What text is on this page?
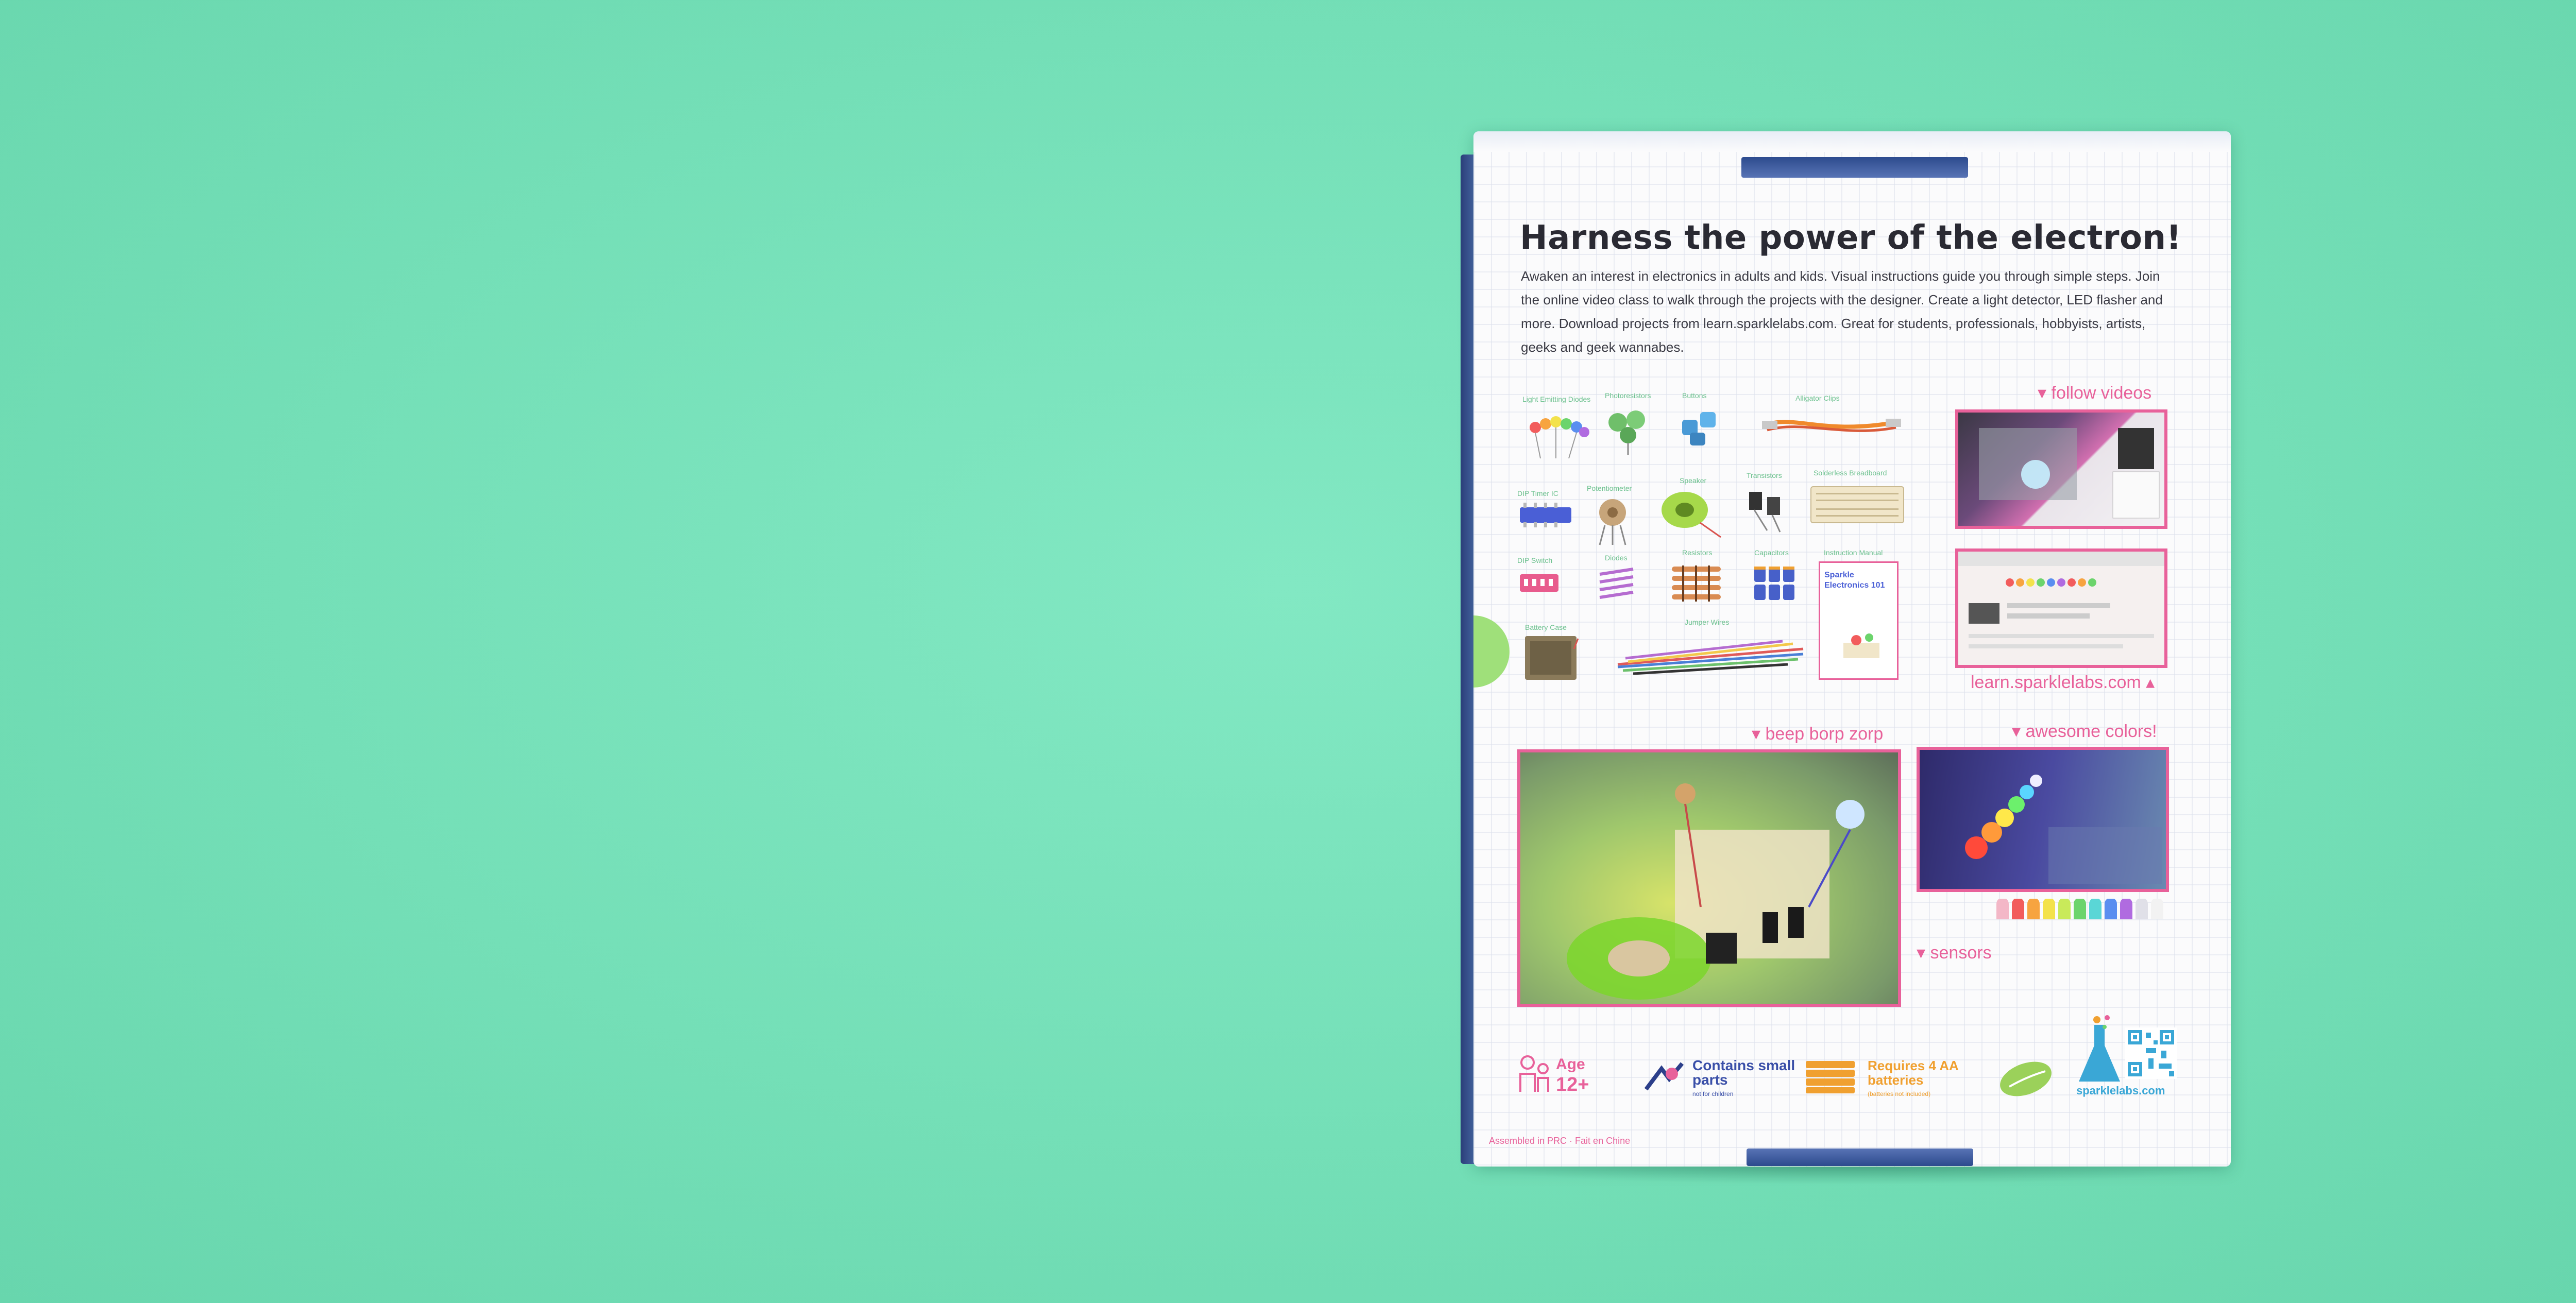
Harness the power of the electron!
Awaken an interest in electronics in adults and kids. Visual instructions guide you through simple steps. Join the online video class to walk through the projects with the designer. Create a light detector, LED flasher and more. Download projects from learn.sparklelabs.com. Great for students, professionals, hobbyists, artists, geeks and geek wannabes.
Light Emitting Diodes Photoresistors	Buttons	Alligator Clips
DIP Timer IC
Potentiometer
Speaker
Transistors	Solderless Breadboard
DIP Switch	Diodes
Resistors	Capacitors	Instruction Manual
Sparkle Electronics 101
Battery Case
Jumper Wires
▾ follow videos
learn.sparklelabs.com ▴
▾ beep borp zorp	▾ awesome colors!
▾ sensors
Age
12+
Contains small parts
not for children
Requires 4 AA batteries
(batteries not included)	sparklelabs.com
Assembled in PRC · Fait en Chine
